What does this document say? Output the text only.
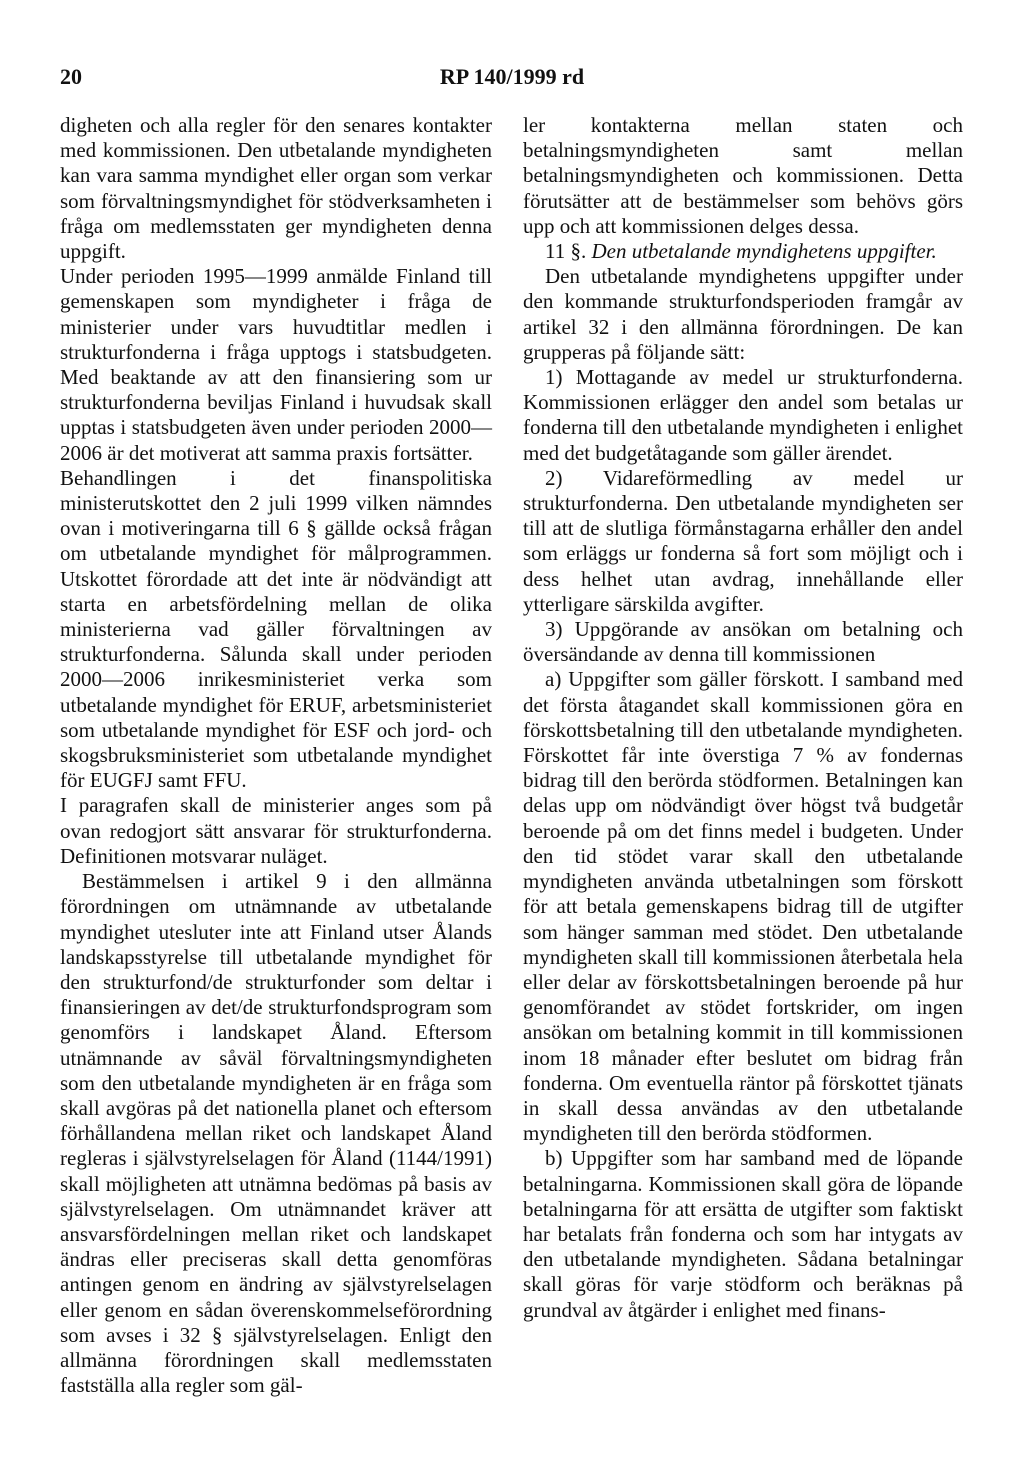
20	RP 140/1999 rd

digheten och alla regler för den senares kontakter med kommissionen. Den utbetalande myndigheten kan vara samma myndighet eller organ som verkar som förvaltningsmyndighet för stödverksamheten i fråga om medlemsstaten ger myndigheten denna uppgift.

Under perioden 1995—1999 anmälde Finland till gemenskapen som myndigheter i fråga de ministerier under vars huvudtitlar medlen i strukturfonderna i fråga upptogs i statsbudgeten. Med beaktande av att den finansiering som ur strukturfonderna beviljas Finland i huvudsak skall upptas i statsbudgeten även under perioden 2000—2006 är det motiverat att samma praxis fortsätter.

Behandlingen i det finanspolitiska ministerutskottet den 2 juli 1999 vilken nämndes ovan i motiveringarna till 6 § gällde också frågan om utbetalande myndighet för målprogrammen. Utskottet förordade att det inte är nödvändigt att starta en arbetsfördelning mellan de olika ministerierna vad gäller förvaltningen av strukturfonderna. Sålunda skall under perioden 2000—2006 inrikesministeriet verka som utbetalande myndighet för ERUF, arbetsministeriet som utbetalande myndighet för ESF och jord- och skogsbruksministeriet som utbetalande myndighet för EUGFJ samt FFU.

I paragrafen skall de ministerier anges som på ovan redogjort sätt ansvarar för strukturfonderna. Definitionen motsvarar nuläget.

Bestämmelsen i artikel 9 i den allmänna förordningen om utnämnande av utbetalande myndighet utesluter inte att Finland utser Ålands landskapsstyrelse till utbetalande myndighet för den strukturfond/de strukturfonder som deltar i finansieringen av det/de strukturfondsprogram som genomförs i landskapet Åland. Eftersom utnämnande av såväl förvaltningsmyndigheten som den utbetalande myndigheten är en fråga som skall avgöras på det nationella planet och eftersom förhållandena mellan riket och landskapet Åland regleras i självstyrelselagen för Åland (1144/1991) skall möjligheten att utnämna bedömas på basis av självstyrelselagen. Om utnämnandet kräver att ansvarsfördelningen mellan riket och landskapet ändras eller preciseras skall detta genomföras antingen genom en ändring av självstyrelselagen eller genom en sådan överenskommelseförordning som avses i 32 § självstyrelselagen. Enligt den allmänna förordningen skall medlemsstaten fastställa alla regler som gäl-

ler kontakterna mellan staten och betalningsmyndigheten samt mellan betalningsmyndigheten och kommissionen. Detta förutsätter att de bestämmelser som behövs görs upp och att kommissionen delges dessa.

11 §. Den utbetalande myndighetens uppgifter.

Den utbetalande myndighetens uppgifter under den kommande strukturfondsperioden framgår av artikel 32 i den allmänna förordningen. De kan grupperas på följande sätt:

1) Mottagande av medel ur strukturfonderna. Kommissionen erlägger den andel som betalas ur fonderna till den utbetalande myndigheten i enlighet med det budgetåtagande som gäller ärendet.

2) Vidareförmedling av medel ur strukturfonderna. Den utbetalande myndigheten ser till att de slutliga förmånstagarna erhåller den andel som erläggs ur fonderna så fort som möjligt och i dess helhet utan avdrag, innehållande eller ytterligare särskilda avgifter.

3) Uppgörande av ansökan om betalning och översändande av denna till kommissionen

a) Uppgifter som gäller förskott. I samband med det första åtagandet skall kommissionen göra en förskottsbetalning till den utbetalande myndigheten. Förskottet får inte överstiga 7 % av fondernas bidrag till den berörda stödformen. Betalningen kan delas upp om nödvändigt över högst två budgetår beroende på om det finns medel i budgeten. Under den tid stödet varar skall den utbetalande myndigheten använda utbetalningen som förskott för att betala gemenskapens bidrag till de utgifter som hänger samman med stödet. Den utbetalande myndigheten skall till kommissionen återbetala hela eller delar av förskottsbetalningen beroende på hur genomförandet av stödet fortskrider, om ingen ansökan om betalning kommit in till kommissionen inom 18 månader efter beslutet om bidrag från fonderna. Om eventuella räntor på förskottet tjänats in skall dessa användas av den utbetalande myndigheten till den berörda stödformen.

b) Uppgifter som har samband med de löpande betalningarna. Kommissionen skall göra de löpande betalningarna för att ersätta de utgifter som faktiskt har betalats från fonderna och som har intygats av den utbetalande myndigheten. Sådana betalningar skall göras för varje stödform och beräknas på grundval av åtgärder i enlighet med finans-
